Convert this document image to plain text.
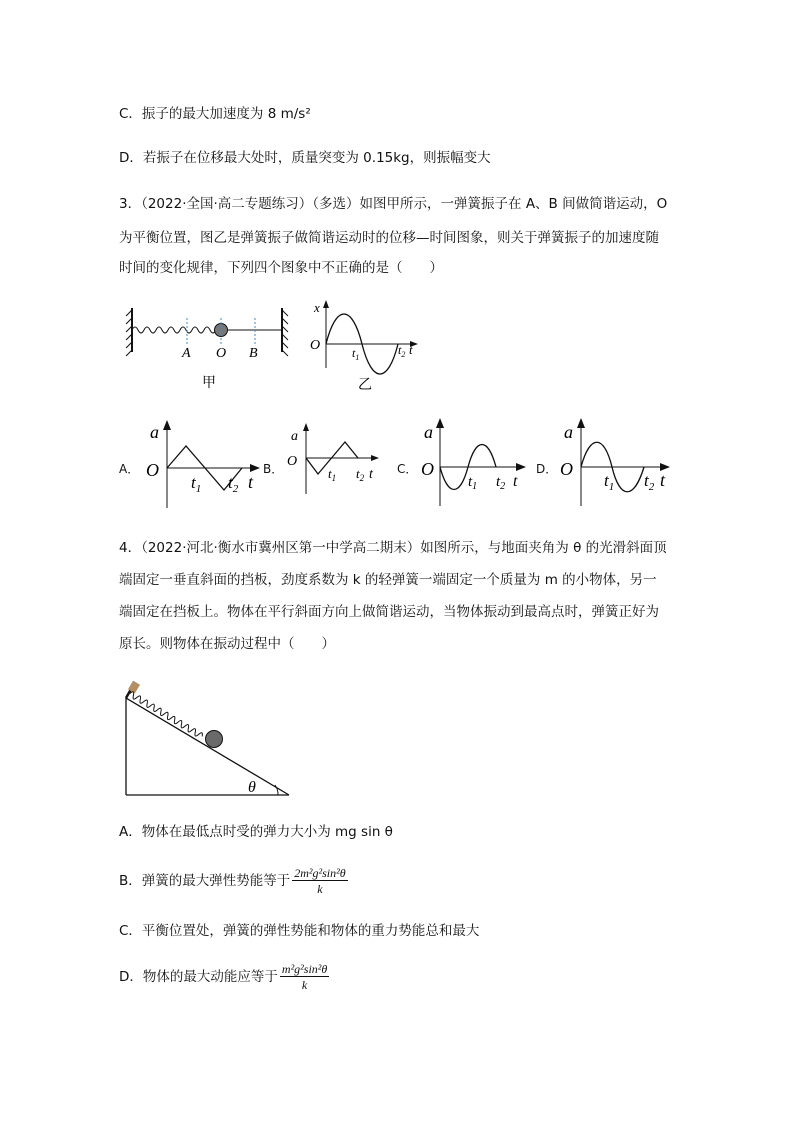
C．振子的最大加速度为 8 m/s²
D．若振子在位移最大处时，质量突变为 0.15kg，则振幅变大
3．（2022·全国·高二专题练习）（多选）如图甲所示，一弹簧振子在 A、B 间做简谐运动，O
为平衡位置，图乙是弹簧振子做简谐运动时的位移—时间图象，则关于弹簧振子的加速度随
时间的变化规律，下列四个图象中不正确的是（　　）
A O B
甲
x
O	$t_1$
$t_2$ t
乙
A．
a
O
$t_1$ $t_2$ t
B．
a
O
$t_1$ $t_2$ t C．
a
O
$t_1$ $t_2$ t
D．
a
O
$t_1$ $t_2$ t
4．（2022·河北·衡水市冀州区第一中学高二期末）如图所示，与地面夹角为 θ 的光滑斜面顶
端固定一垂直斜面的挡板，劲度系数为 k 的轻弹簧一端固定一个质量为 m 的小物体，另一
端固定在挡板上。物体在平行斜面方向上做简谐运动，当物体振动到最高点时，弹簧正好为
原长。则物体在振动过程中（　　）
θ
A．物体在最低点时受的弹力大小为 mg sin θ
B．弹簧的最大弹性势能等于 $\frac{\text{2m²g²sin²θ}}{k}$
C．平衡位置处，弹簧的弹性势能和物体的重力势能总和最大
D．物体的最大动能应等于 $\frac{\text{m²g²sin²θ}}{k}$
